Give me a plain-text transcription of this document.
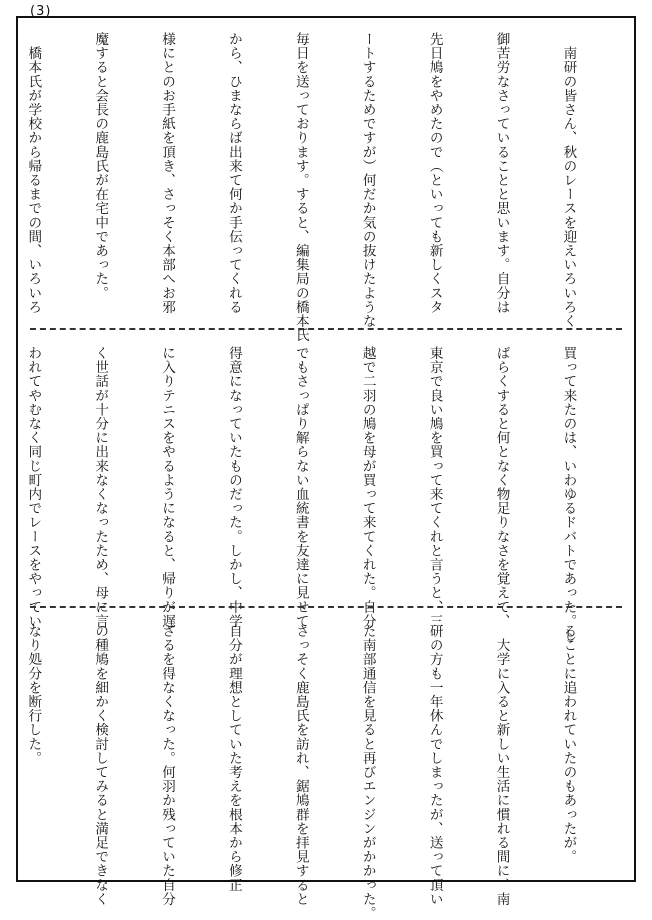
(3)

　南研の皆さん、秋のレースを迎えいろいろく

御苦労なさっていることと思います。自分は

先日鳩をやめたので（といっても新しくスタ

ートするためですが）何だか気の抜けたような

毎日を送っております。すると、編集局の橋本氏

から、ひまならば出来て何か手伝ってくれる

様にとのお手紙を頂き、さっそく本部へお邪

魔すると会長の鹿島氏が在宅中であった。

　橋本氏が学校から帰るまでの間、いろいろ

買って来たのは、いわゆるドバトであった。し

ばらくすると何となく物足りなさを覚えて、

東京で良い鳩を買って来てくれと言うと、三

越で二羽の鳩を母が買って来てくれた。自分

でもさっぱり解らない血統書を友達に見せて

得意になっていたものだった。しかし、中学

に入りテニスをやるようになると、帰りが遅

く世話が十分に出来なくなったため、母に言

われてやむなく同じ町内でレースをやってい

ることに追われていたのもあったが。

　大学に入ると新しい生活に慣れる間に、南

研の方も一年休んでしまったが、送って頂い

た南部通信を見ると再びエンジンがかかった。

さっそく鹿島氏を訪れ、鋸鳩群を拝見すると

自分が理想としていた考えを根本から修正

ざるを得なくなった。何羽か残っていた自分

の種鳩を細かく検討してみると満足できなく

なり処分を断行した。
